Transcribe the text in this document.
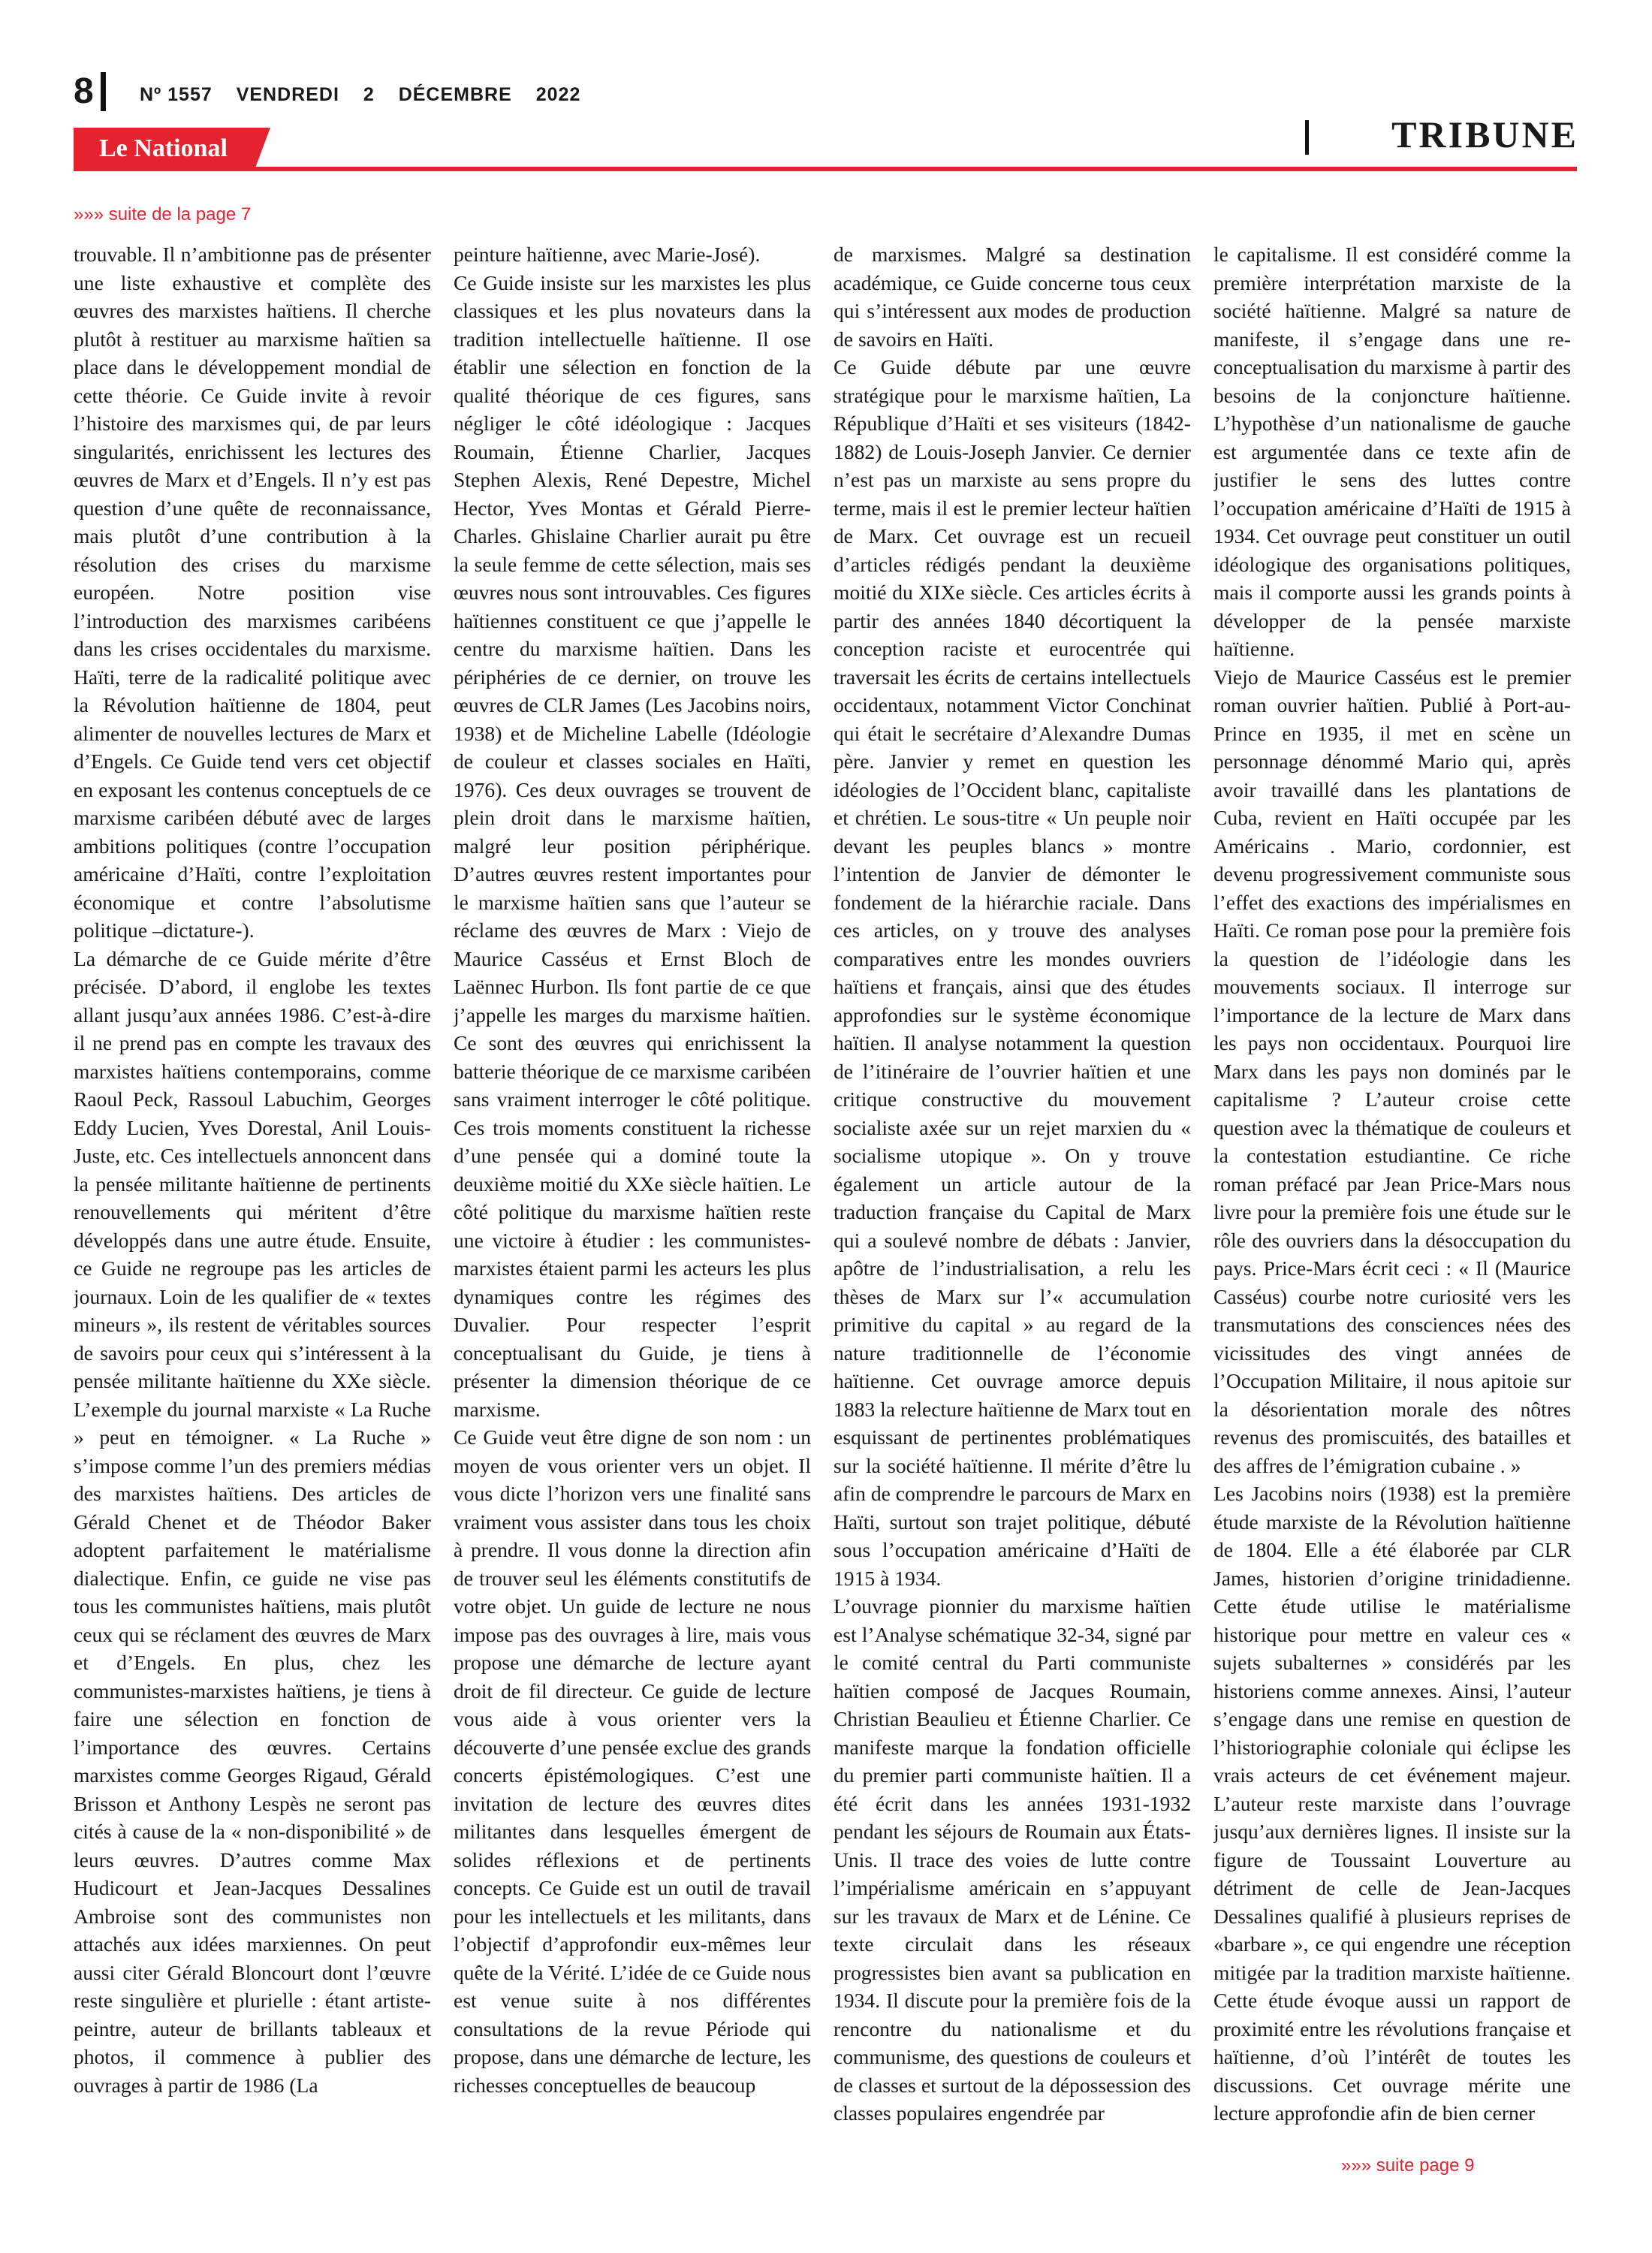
8 Nº 1557 VENDREDI 2 DÉCEMBRE 2022
Le National	TRIBUNE
»»» suite de la page 7

trouvable. Il n’ambitionne pas de présenter une liste exhaustive et complète des œuvres des marxistes haïtiens. Il cherche plutôt à restituer au marxisme haïtien sa place dans le développement mondial de cette théorie. Ce Guide invite à revoir l’histoire des marxismes qui, de par leurs singularités, enrichissent les lectures des œuvres de Marx et d’Engels. Il n’y est pas question d’une quête de reconnaissance, mais plutôt d’une contribution à la résolution des crises du marxisme européen. Notre position vise l’introduction des marxismes caribéens dans les crises occidentales du marxisme. Haïti, terre de la radicalité politique avec la Révolution haïtienne de 1804, peut alimenter de nouvelles lectures de Marx et d’Engels. Ce Guide tend vers cet objectif en exposant les contenus conceptuels de ce marxisme caribéen débuté avec de larges ambitions politiques (contre l’occupation américaine d’Haïti, contre l’exploitation économique et contre l’absolutisme politique –dictature-).

La démarche de ce Guide mérite d’être précisée. D’abord, il englobe les textes allant jusqu’aux années 1986. C’est-à-dire il ne prend pas en compte les travaux des marxistes haïtiens contemporains, comme Raoul Peck, Rassoul Labuchim, Georges Eddy Lucien, Yves Dorestal, Anil Louis-Juste, etc. Ces intellectuels annoncent dans la pensée militante haïtienne de pertinents renouvellements qui méritent d’être développés dans une autre étude. Ensuite, ce Guide ne regroupe pas les articles de journaux. Loin de les qualifier de « textes mineurs », ils restent de véritables sources de savoirs pour ceux qui s’intéressent à la pensée militante haïtienne du XXe siècle. L’exemple du journal marxiste « La Ruche » peut en témoigner. « La Ruche » s’impose comme l’un des premiers médias des marxistes haïtiens. Des articles de Gérald Chenet et de Théodor Baker adoptent parfaitement le matérialisme dialectique. Enfin, ce guide ne vise pas tous les communistes haïtiens, mais plutôt ceux qui se réclament des œuvres de Marx et d’Engels. En plus, chez les communistes-marxistes haïtiens, je tiens à faire une sélection en fonction de l’importance des œuvres. Certains marxistes comme Georges Rigaud, Gérald Brisson et Anthony Lespès ne seront pas cités à cause de la « non-disponibilité » de leurs œuvres. D’autres comme Max Hudicourt et Jean-Jacques Dessalines Ambroise sont des communistes non attachés aux idées marxiennes. On peut aussi citer Gérald Bloncourt dont l’œuvre reste singulière et plurielle : étant artiste-peintre, auteur de brillants tableaux et photos, il commence à publier des ouvrages à partir de 1986 (La

peinture haïtienne, avec Marie-José).

Ce Guide insiste sur les marxistes les plus classiques et les plus novateurs dans la tradition intellectuelle haïtienne. Il ose établir une sélection en fonction de la qualité théorique de ces figures, sans négliger le côté idéologique : Jacques Roumain, Étienne Charlier, Jacques Stephen Alexis, René Depestre, Michel Hector, Yves Montas et Gérald Pierre-Charles. Ghislaine Charlier aurait pu être la seule femme de cette sélection, mais ses œuvres nous sont introuvables. Ces figures haïtiennes constituent ce que j’appelle le centre du marxisme haïtien. Dans les périphéries de ce dernier, on trouve les œuvres de CLR James (Les Jacobins noirs, 1938) et de Micheline Labelle (Idéologie de couleur et classes sociales en Haïti, 1976). Ces deux ouvrages se trouvent de plein droit dans le marxisme haïtien, malgré leur position périphérique. D’autres œuvres restent importantes pour le marxisme haïtien sans que l’auteur se réclame des œuvres de Marx : Viejo de Maurice Casséus et Ernst Bloch de Laënnec Hurbon. Ils font partie de ce que j’appelle les marges du marxisme haïtien. Ce sont des œuvres qui enrichissent la batterie théorique de ce marxisme caribéen sans vraiment interroger le côté politique. Ces trois moments constituent la richesse d’une pensée qui a dominé toute la deuxième moitié du XXe siècle haïtien. Le côté politique du marxisme haïtien reste une victoire à étudier : les communistes-marxistes étaient parmi les acteurs les plus dynamiques contre les régimes des Duvalier. Pour respecter l’esprit conceptualisant du Guide, je tiens à présenter la dimension théorique de ce marxisme.

Ce Guide veut être digne de son nom : un moyen de vous orienter vers un objet. Il vous dicte l’horizon vers une finalité sans vraiment vous assister dans tous les choix à prendre. Il vous donne la direction afin de trouver seul les éléments constitutifs de votre objet. Un guide de lecture ne nous impose pas des ouvrages à lire, mais vous propose une démarche de lecture ayant droit de fil directeur. Ce guide de lecture vous aide à vous orienter vers la découverte d’une pensée exclue des grands concerts épistémologiques. C’est une invitation de lecture des œuvres dites militantes dans lesquelles émergent de solides réflexions et de pertinents concepts. Ce Guide est un outil de travail pour les intellectuels et les militants, dans l’objectif d’approfondir eux-mêmes leur quête de la Vérité. L’idée de ce Guide nous est venue suite à nos différentes consultations de la revue Période qui propose, dans une démarche de lecture, les richesses conceptuelles de beaucoup

de marxismes. Malgré sa destination académique, ce Guide concerne tous ceux qui s’intéressent aux modes de production de savoirs en Haïti.

Ce Guide débute par une œuvre stratégique pour le marxisme haïtien, La République d’Haïti et ses visiteurs (1842-1882) de Louis-Joseph Janvier. Ce dernier n’est pas un marxiste au sens propre du terme, mais il est le premier lecteur haïtien de Marx. Cet ouvrage est un recueil d’articles rédigés pendant la deuxième moitié du XIXe siècle. Ces articles écrits à partir des années 1840 décortiquent la conception raciste et eurocentrée qui traversait les écrits de certains intellectuels occidentaux, notamment Victor Conchinat qui était le secrétaire d’Alexandre Dumas père. Janvier y remet en question les idéologies de l’Occident blanc, capitaliste et chrétien. Le sous-titre « Un peuple noir devant les peuples blancs » montre l’intention de Janvier de démonter le fondement de la hiérarchie raciale. Dans ces articles, on y trouve des analyses comparatives entre les mondes ouvriers haïtiens et français, ainsi que des études approfondies sur le système économique haïtien. Il analyse notamment la question de l’itinéraire de l’ouvrier haïtien et une critique constructive du mouvement socialiste axée sur un rejet marxien du « socialisme utopique ». On y trouve également un article autour de la traduction française du Capital de Marx qui a soulevé nombre de débats : Janvier, apôtre de l’industrialisation, a relu les thèses de Marx sur l’« accumulation primitive du capital » au regard de la nature traditionnelle de l’économie haïtienne. Cet ouvrage amorce depuis 1883 la relecture haïtienne de Marx tout en esquissant de pertinentes problématiques sur la société haïtienne. Il mérite d’être lu afin de comprendre le parcours de Marx en Haïti, surtout son trajet politique, débuté sous l’occupation américaine d’Haïti de 1915 à 1934.

L’ouvrage pionnier du marxisme haïtien est l’Analyse schématique 32-34, signé par le comité central du Parti communiste haïtien composé de Jacques Roumain, Christian Beaulieu et Étienne Charlier. Ce manifeste marque la fondation officielle du premier parti communiste haïtien. Il a été écrit dans les années 1931-1932 pendant les séjours de Roumain aux États-Unis. Il trace des voies de lutte contre l’impérialisme américain en s’appuyant sur les travaux de Marx et de Lénine. Ce texte circulait dans les réseaux progressistes bien avant sa publication en 1934. Il discute pour la première fois de la rencontre du nationalisme et du communisme, des questions de couleurs et de classes et surtout de la dépossession des classes populaires engendrée par

le capitalisme. Il est considéré comme la première interprétation marxiste de la société haïtienne. Malgré sa nature de manifeste, il s’engage dans une re-conceptualisation du marxisme à partir des besoins de la conjoncture haïtienne. L’hypothèse d’un nationalisme de gauche est argumentée dans ce texte afin de justifier le sens des luttes contre l’occupation américaine d’Haïti de 1915 à 1934. Cet ouvrage peut constituer un outil idéologique des organisations politiques, mais il comporte aussi les grands points à développer de la pensée marxiste haïtienne.

Viejo de Maurice Casséus est le premier roman ouvrier haïtien. Publié à Port-au-Prince en 1935, il met en scène un personnage dénommé Mario qui, après avoir travaillé dans les plantations de Cuba, revient en Haïti occupée par les Américains . Mario, cordonnier, est devenu progressivement communiste sous l’effet des exactions des impérialismes en Haïti. Ce roman pose pour la première fois la question de l’idéologie dans les mouvements sociaux. Il interroge sur l’importance de la lecture de Marx dans les pays non occidentaux. Pourquoi lire Marx dans les pays non dominés par le capitalisme ? L’auteur croise cette question avec la thématique de couleurs et la contestation estudiantine. Ce riche roman préfacé par Jean Price-Mars nous livre pour la première fois une étude sur le rôle des ouvriers dans la désoccupation du pays. Price-Mars écrit ceci : « Il (Maurice Casséus) courbe notre curiosité vers les transmutations des consciences nées des vicissitudes des vingt années de l’Occupation Militaire, il nous apitoie sur la désorientation morale des nôtres revenus des promiscuités, des batailles et des affres de l’émigration cubaine . »

Les Jacobins noirs (1938) est la première étude marxiste de la Révolution haïtienne de 1804. Elle a été élaborée par CLR James, historien d’origine trinidadienne. Cette étude utilise le matérialisme historique pour mettre en valeur ces « sujets subalternes » considérés par les historiens comme annexes. Ainsi, l’auteur s’engage dans une remise en question de l’historiographie coloniale qui éclipse les vrais acteurs de cet événement majeur. L’auteur reste marxiste dans l’ouvrage jusqu’aux dernières lignes. Il insiste sur la figure de Toussaint Louverture au détriment de celle de Jean-Jacques Dessalines qualifié à plusieurs reprises de «barbare », ce qui engendre une réception mitigée par la tradition marxiste haïtienne. Cette étude évoque aussi un rapport de proximité entre les révolutions française et haïtienne, d’où l’intérêt de toutes les discussions. Cet ouvrage mérite une lecture approfondie afin de bien cerner

»»» suite page 9
